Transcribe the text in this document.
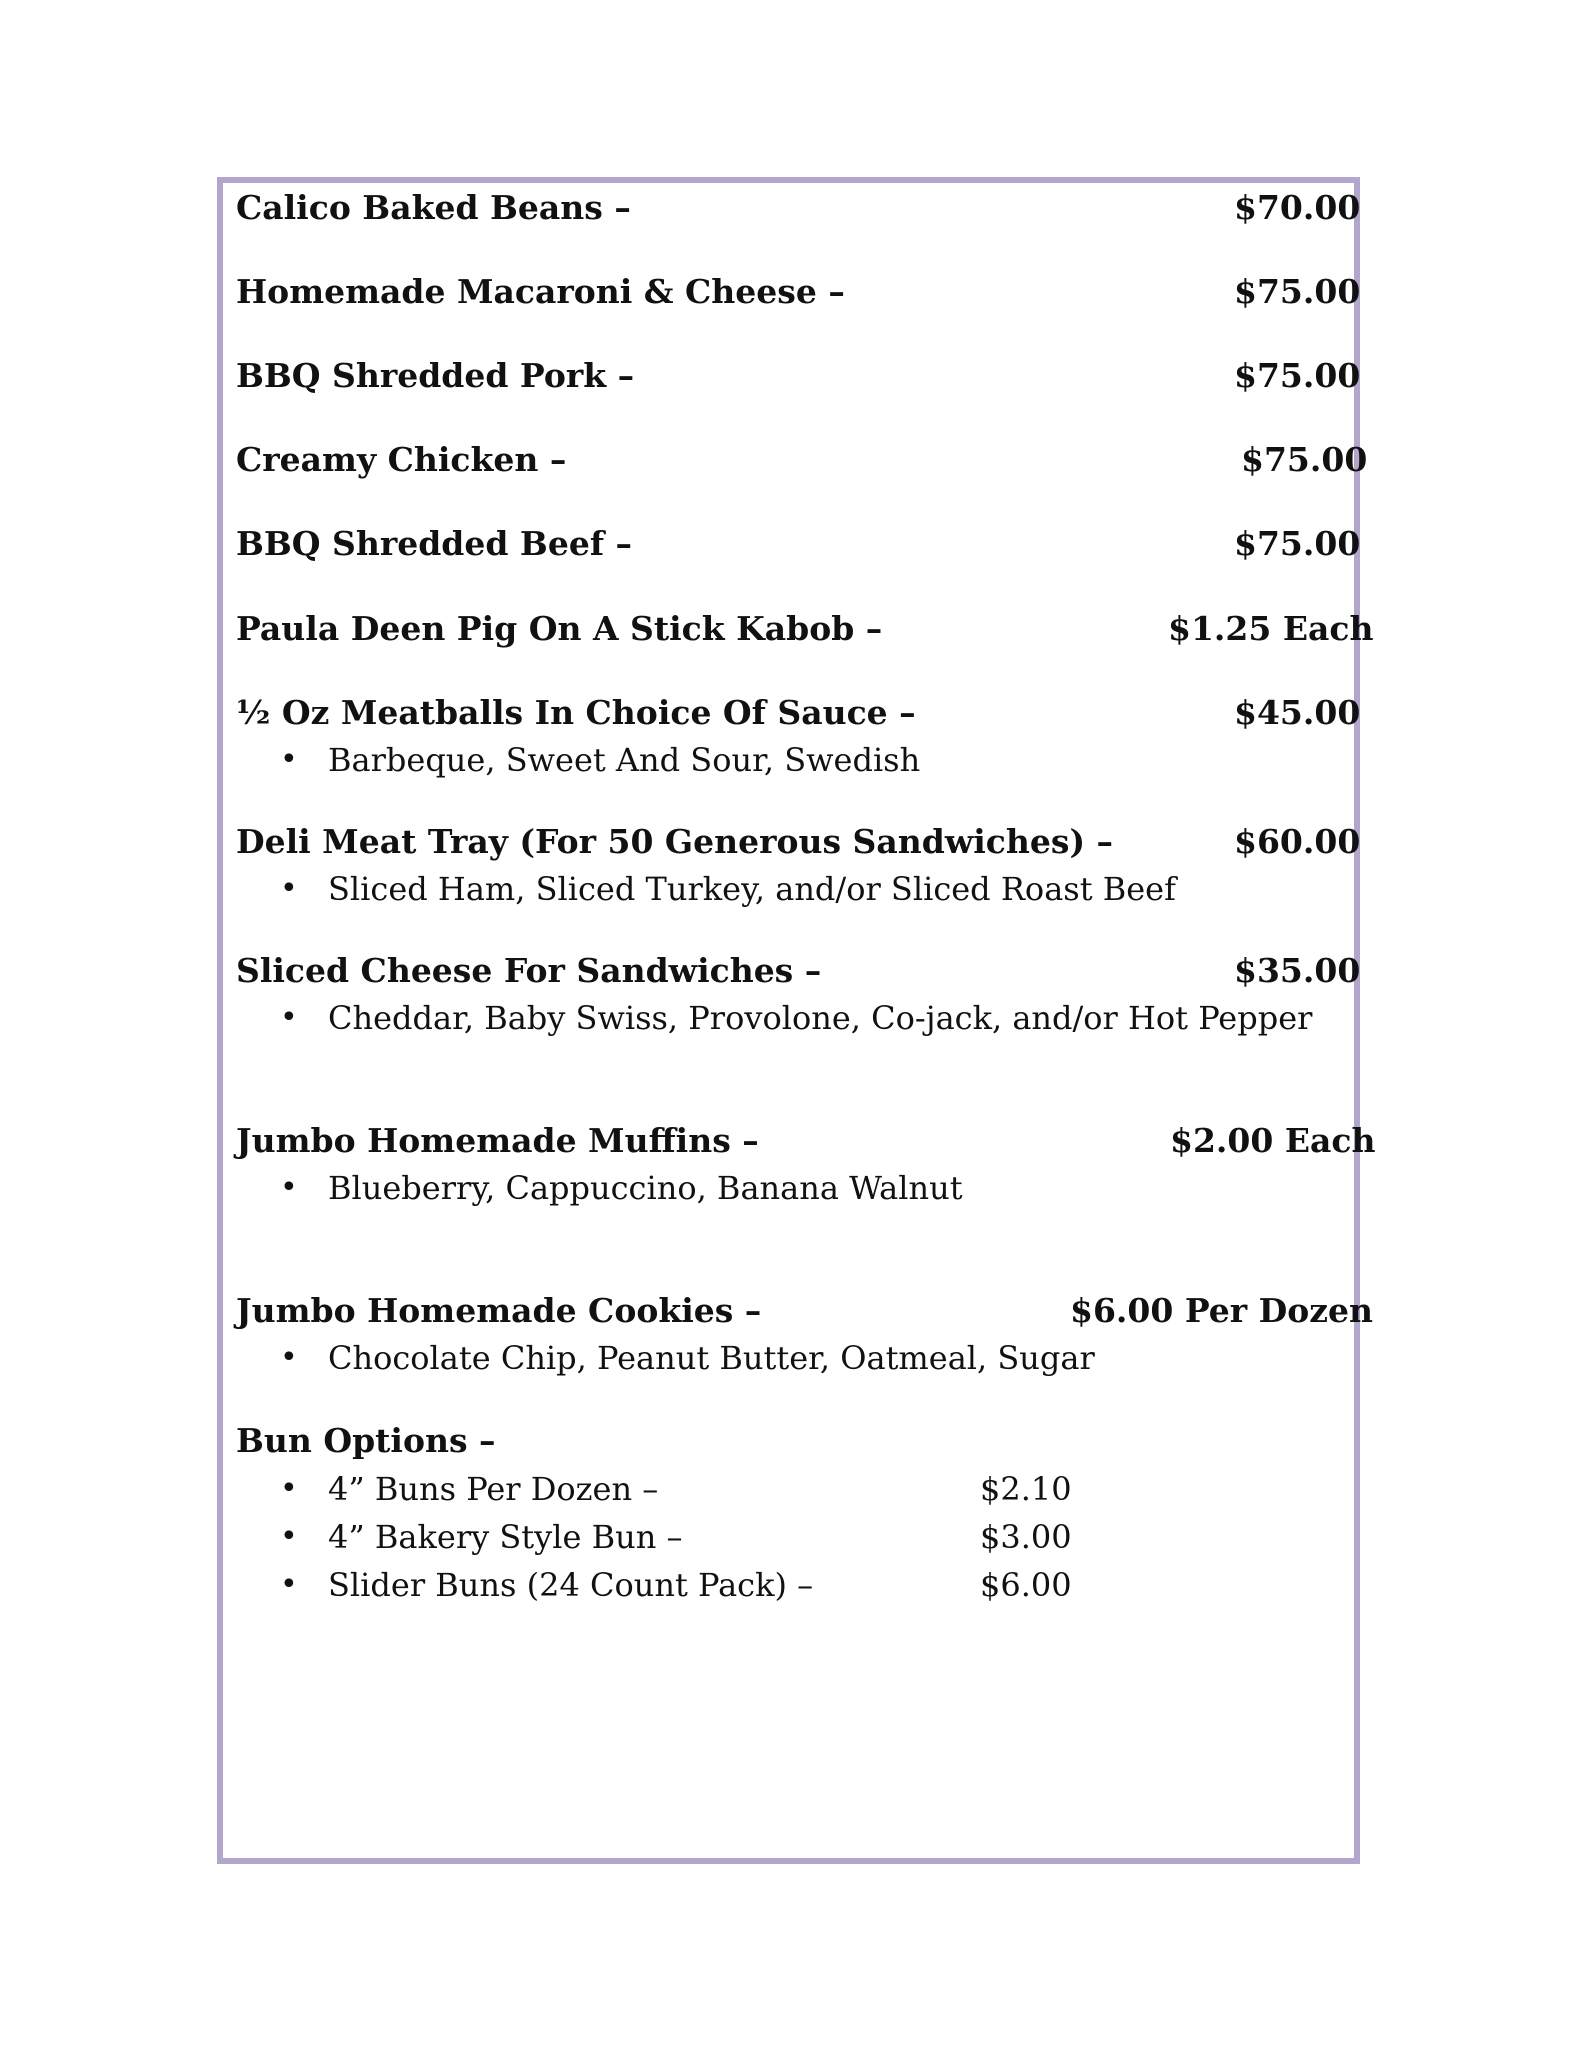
Calico Baked Beans –	$70.00
Homemade Macaroni & Cheese –	$75.00
BBQ Shredded Pork –	$75.00
Creamy Chicken –	$75.00
BBQ Shredded Beef –	$75.00
Paula Deen Pig On A Stick Kabob –	$1.25 Each
½ Oz Meatballs In Choice Of Sauce –	$45.00
• Barbeque, Sweet And Sour, Swedish
Deli Meat Tray (For 50 Generous Sandwiches) –	$60.00
• Sliced Ham, Sliced Turkey, and/or Sliced Roast Beef
Sliced Cheese For Sandwiches –	$35.00
• Cheddar, Baby Swiss, Provolone, Co-jack, and/or Hot Pepper
Jumbo Homemade Muffins –	$2.00 Each
• Blueberry, Cappuccino, Banana Walnut
Jumbo Homemade Cookies –	$6.00 Per Dozen
• Chocolate Chip, Peanut Butter, Oatmeal, Sugar
Bun Options –
• 4” Buns Per Dozen –	$2.10
• 4” Bakery Style Bun –	$3.00
• Slider Buns (24 Count Pack) –	$6.00
